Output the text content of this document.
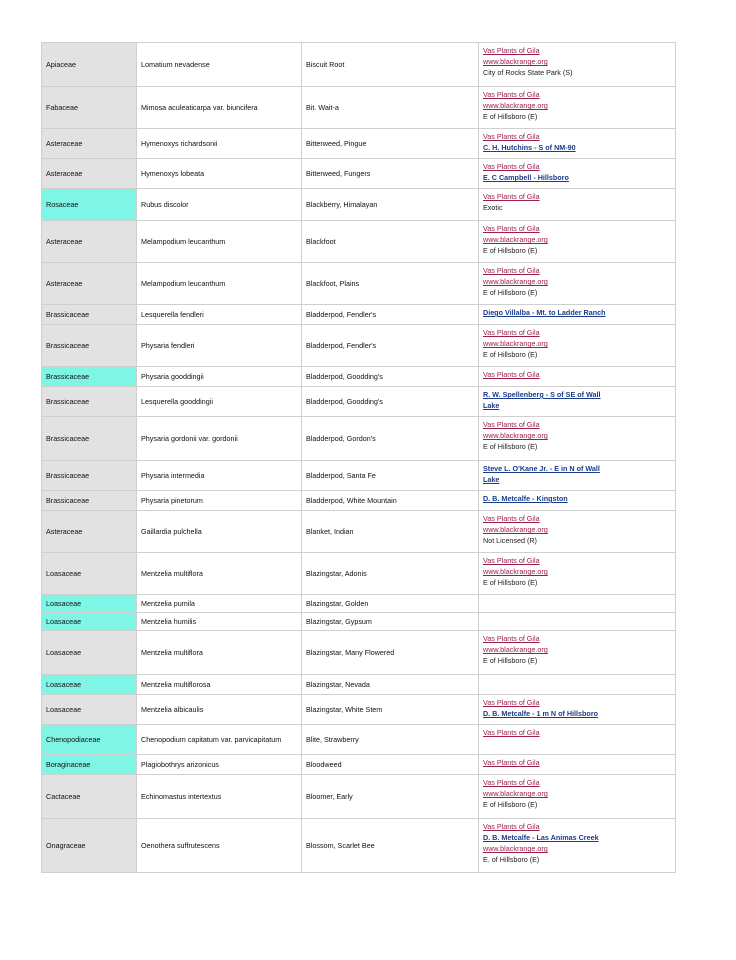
Apiaceae	Lomatium nevadense	Biscuit Root	Vas Plants of Gila
www.blackrange.org
City of Rocks State Park (S)

Fabaceae	Mimosa aculeaticarpa var. biuncifera	Bit. Wait-a	Vas Plants of Gila
www.blackrange.org
E of Hillsboro (E)

Asteraceae	Hymenoxys richardsonii	Bitterweed, Pingue	Vas Plants of Gila
C. H. Hutchins - S of NM-90

Asteraceae	Hymenoxys lobeata	Bitterweed, Fungers	Vas Plants of Gila
E. C Campbell - Hillsboro

Rosaceae	Rubus discolor	Blackberry, Himalayan	Vas Plants of Gila
Exotic

Asteraceae	Melampodium leucanthum	Blackfoot	Vas Plants of Gila
www.blackrange.org
E of Hillsboro (E)

Asteraceae	Melampodium leucanthum	Blackfoot, Plains	Vas Plants of Gila
www.blackrange.org
E of Hillsboro (E)

Brassicaceae	Lesquerella fendleri	Bladderpod, Fendler's	Diego Villalba - Mt. to Ladder Ranch

Brassicaceae	Physaria fendleri	Bladderpod, Fendler's	Vas Plants of Gila
www.blackrange.org
E of Hillsboro (E)

Brassicaceae	Physaria gooddingii	Bladderpod, Goodding's	Vas Plants of Gila

Brassicaceae	Lesquerella gooddingii	Bladderpod, Goodding's	R. W. Spellenberg - S of SE of Wall
Lake

Brassicaceae	Physaria gordonii var. gordonii	Bladderpod, Gordon's	Vas Plants of Gila
www.blackrange.org
E of Hillsboro (E)

Brassicaceae	Physaria intermedia	Bladderpod, Santa Fe	Steve L. O'Kane Jr. - E in N of Wall
Lake

Brassicaceae	Physaria pinetorum	Bladderpod, White Mountain	D. B. Metcalfe - Kingston

Asteraceae	Gaillardia pulchella	Blanket, Indian	Vas Plants of Gila
www.blackrange.org
Not Licensed (R)

Loasaceae	Mentzelia multiflora	Blazingstar, Adonis	Vas Plants of Gila
www.blackrange.org
E of Hillsboro (E)

Loasaceae	Mentzelia pumila	Blazingstar, Golden	
Loasaceae	Mentzelia humilis	Blazingstar, Gypsum	
Loasaceae	Mentzelia multiflora	Blazingstar, Many Flowered	Vas Plants of Gila
www.blackrange.org
E of Hillsboro (E)

Loasaceae	Mentzelia multiflorosa	Blazingstar, Nevada	
Loasaceae	Mentzelia albicaulis	Blazingstar, White Stem	Vas Plants of Gila
D. B. Metcalfe - 1 m N of Hillsboro

Chenopodiaceae	Chenopodium capitatum var. parvicapitatum	Blite, Strawberry	Vas Plants of Gila

Boraginaceae	Plagiobothrys arizonicus	Bloodweed	Vas Plants of Gila

Cactaceae	Echinomastus intertextus	Bloomer, Early	Vas Plants of Gila
www.blackrange.org
E of Hillsboro (E)

Onagraceae	Oenothera suffrutescens	Blossom, Scarlet Bee	Vas Plants of Gila
D. B. Metcalfe - Las Animas Creek
www.blackrange.org
E. of Hillsboro (E)
